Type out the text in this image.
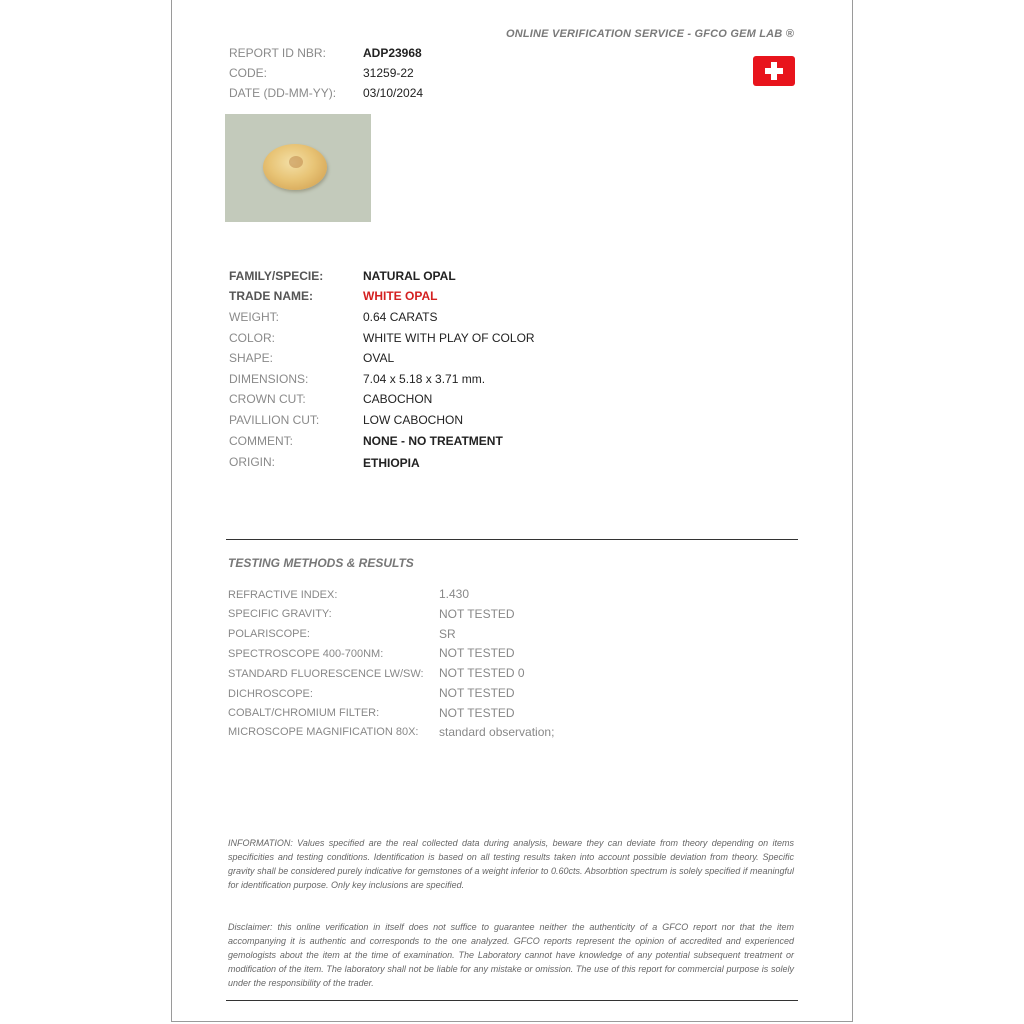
ONLINE VERIFICATION SERVICE - GFCO GEM LAB ®
REPORT ID NBR:	ADP23968
CODE:	31259-22
DATE (DD-MM-YY): 03/10/2024
FAMILY/SPECIE:	NATURAL OPAL
TRADE NAME:	WHITE OPAL
WEIGHT:	0.64 CARATS
COLOR:	WHITE WITH PLAY OF COLOR
SHAPE:	OVAL
DIMENSIONS:	7.04 x 5.18 x 3.71 mm.
CROWN CUT:	CABOCHON
PAVILLION CUT:	LOW CABOCHON
COMMENT:	NONE - NO TREATMENT
ORIGIN:	ETHIOPIA
TESTING METHODS & RESULTS
REFRACTIVE INDEX:	1.430
SPECIFIC GRAVITY:	NOT TESTED
POLARISCOPE:	SR
SPECTROSCOPE 400-700NM:	NOT TESTED
STANDARD FLUORESCENCE LW/SW: NOT TESTED 0
DICHROSCOPE:	NOT TESTED
COBALT/CHROMIUM FILTER:	NOT TESTED
MICROSCOPE MAGNIFICATION 80X: standard observation;
INFORMATION: Values specified are the real collected data during analysis, beware they can deviate from theory depending on items specificities and testing conditions. Identification is based on all testing results taken into account possible deviation from theory. Specific gravity shall be considered purely indicative for gemstones of a weight inferior to 0.60cts. Absorbtion spectrum is solely specified if meaningful for identification purpose. Only key inclusions are specified.
Disclaimer: this online verification in itself does not suffice to guarantee neither the authenticity of a GFCO report nor that the item accompanying it is authentic and corresponds to the one analyzed. GFCO reports represent the opinion of accredited and experienced gemologists about the item at the time of examination. The Laboratory cannot have knowledge of any potential subsequent treatment or modification of the item. The laboratory shall not be liable for any mistake or omission. The use of this report for commercial purpose is solely under the responsibility of the trader.
